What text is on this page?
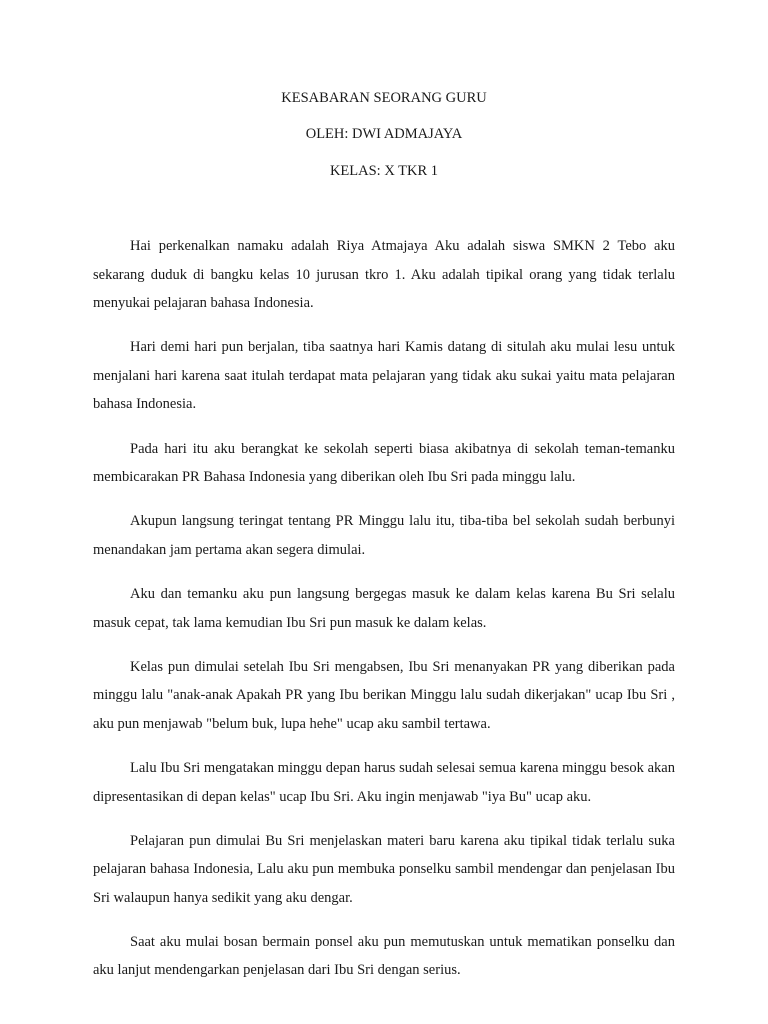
KESABARAN SEORANG GURU
OLEH: DWI ADMAJAYA
KELAS: X TKR 1

Hai perkenalkan namaku adalah Riya Atmajaya Aku adalah siswa SMKN 2 Tebo aku sekarang duduk di bangku kelas 10 jurusan tkro 1. Aku adalah tipikal orang yang tidak terlalu menyukai pelajaran bahasa Indonesia.

Hari demi hari pun berjalan, tiba saatnya hari Kamis datang di situlah aku mulai lesu untuk menjalani hari karena saat itulah terdapat mata pelajaran yang tidak aku sukai yaitu mata pelajaran bahasa Indonesia.

Pada hari itu aku berangkat ke sekolah seperti biasa akibatnya di sekolah teman-temanku membicarakan PR Bahasa Indonesia yang diberikan oleh Ibu Sri pada minggu lalu.

Akupun langsung teringat tentang PR Minggu lalu itu, tiba-tiba bel sekolah sudah berbunyi menandakan jam pertama akan segera dimulai.

Aku dan temanku aku pun langsung bergegas masuk ke dalam kelas karena Bu Sri selalu masuk cepat, tak lama kemudian Ibu Sri pun masuk ke dalam kelas.

Kelas pun dimulai setelah Ibu Sri mengabsen, Ibu Sri menanyakan PR yang diberikan pada minggu lalu "anak-anak Apakah PR yang Ibu berikan Minggu lalu sudah dikerjakan" ucap Ibu Sri , aku pun menjawab "belum buk, lupa hehe" ucap aku sambil tertawa.

Lalu Ibu Sri mengatakan minggu depan harus sudah selesai semua karena minggu besok akan dipresentasikan di depan kelas" ucap Ibu Sri. Aku ingin menjawab "iya Bu" ucap aku.

Pelajaran pun dimulai Bu Sri menjelaskan materi baru karena aku tipikal tidak terlalu suka pelajaran bahasa Indonesia, Lalu aku pun membuka ponselku sambil mendengar dan penjelasan Ibu Sri walaupun hanya sedikit yang aku dengar.

Saat aku mulai bosan bermain ponsel aku pun memutuskan untuk mematikan ponselku dan aku lanjut mendengarkan penjelasan dari Ibu Sri dengan serius.
